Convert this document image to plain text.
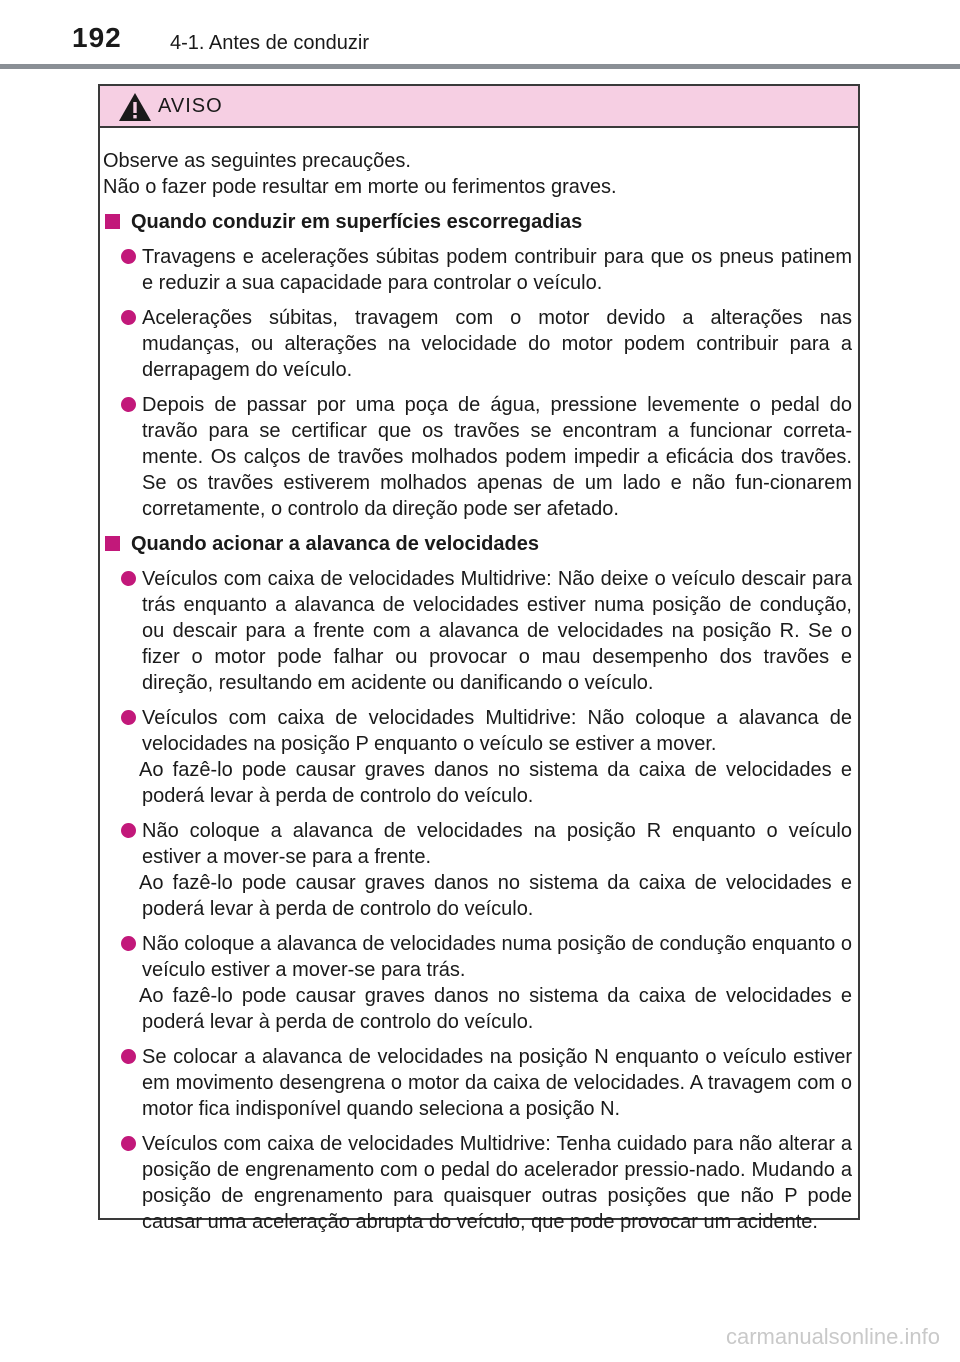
192 4-1. Antes de conduzir
AVISO

Observe as seguintes precauções.

Não o fazer pode resultar em morte ou ferimentos graves.

Quando conduzir em superfícies escorregadias

Travagens e acelerações súbitas podem contribuir para que os pneus patinem e reduzir a sua capacidade para controlar o veículo.

Acelerações súbitas, travagem com o motor devido a alterações nas mudanças, ou alterações na velocidade do motor podem contribuir para a derrapagem do veículo.

Depois de passar por uma poça de água, pressione levemente o pedal do travão para se certificar que os travões se encontram a funcionar correta-mente. Os calços de travões molhados podem impedir a eficácia dos travões. Se os travões estiverem molhados apenas de um lado e não fun-cionarem corretamente, o controlo da direção pode ser afetado.

Quando acionar a alavanca de velocidades

Veículos com caixa de velocidades Multidrive: Não deixe o veículo descair para trás enquanto a alavanca de velocidades estiver numa posição de condução, ou descair para a frente com a alavanca de velocidades na posição R. Se o fizer o motor pode falhar ou provocar o mau desempenho dos travões e direção, resultando em acidente ou danificando o veículo.

Veículos com caixa de velocidades Multidrive: Não coloque a alavanca de velocidades na posição P enquanto o veículo se estiver a mover.

Ao fazê-lo pode causar graves danos no sistema da caixa de velocidades e poderá levar à perda de controlo do veículo.

Não coloque a alavanca de velocidades na posição R enquanto o veículo estiver a mover-se para a frente.

Ao fazê-lo pode causar graves danos no sistema da caixa de velocidades e poderá levar à perda de controlo do veículo.

Não coloque a alavanca de velocidades numa posição de condução enquanto o veículo estiver a mover-se para trás.

Ao fazê-lo pode causar graves danos no sistema da caixa de velocidades e poderá levar à perda de controlo do veículo.

Se colocar a alavanca de velocidades na posição N enquanto o veículo estiver em movimento desengrena o motor da caixa de velocidades. A travagem com o motor fica indisponível quando seleciona a posição N.

Veículos com caixa de velocidades Multidrive: Tenha cuidado para não alterar a posição de engrenamento com o pedal do acelerador pressio-nado. Mudando a posição de engrenamento para quaisquer outras posições que não P pode causar uma aceleração abrupta do veículo, que pode provocar um acidente.

carmanualsonline.info
